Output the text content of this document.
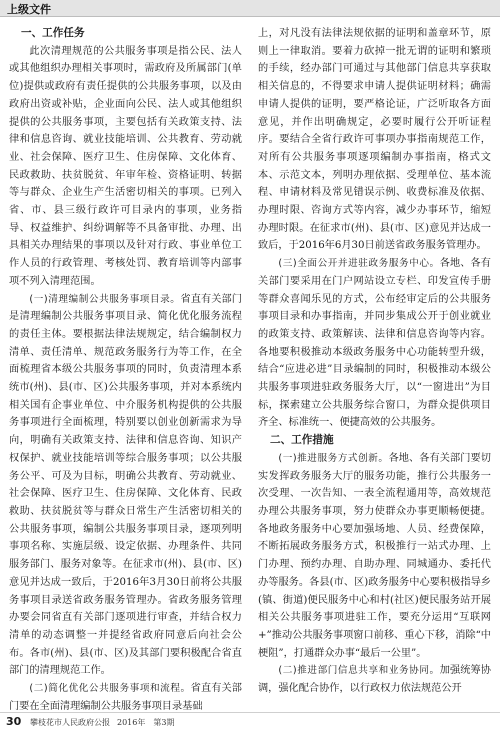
上级文件
一、工作任务

此次清理规范的公共服务事项是指公民、法人或其他组织办理相关事项时，需政府及所属部门(单位)提供或政府有责任提供的公共服务事项，以及由政府出资或补贴，企业面向公民、法人或其他组织提供的公共服务事项，主要包括有关政策支持、法律和信息咨询、就业技能培训、公共教育、劳动就业、社会保障、医疗卫生、住房保障、文化体育、民政救助、扶贫脱贫、年审年检、资格证明、转据等与群众、企业生产生活密切相关的事项。已列入省、市、县三级行政许可目录内的事项，业务指导、权益维护、纠纷调解等不具备审批、办理、出具相关办理结果的事项以及针对行政、事业单位工作人员的行政管理、考核处罚、教育培训等内部事项不列入清理范围。

(一)清理编制公共服务事项目录。省直有关部门是清理编制公共服务事项目录、简化优化服务流程的责任主体。要根据法律法规规定，结合编制权力清单、责任清单、规范政务服务行为等工作，在全面梳理省本级公共服务事项的同时，负责清理本系统市(州)、县(市、区)公共服务事项，并对本系统内相关国有企事业单位、中介服务机构提供的公共服务事项进行全面梳理，特别要以创业创新需求为导向，明确有关政策支持、法律和信息咨询、知识产权保护、就业技能培训等综合服务事项；以公共服务公平、可及为目标，明确公共教育、劳动就业、社会保障、医疗卫生、住房保障、文化体育、民政救助、扶贫脱贫等与群众日常生产生活密切相关的公共服务事项，编制公共服务事项目录，逐项列明事项名称、实施层级、设定依据、办理条件、共同服务部门、服务对象等。在征求市(州)、县(市、区)意见并达成一致后，于2016年3月30日前将公共服务事项目录送省政务服务管理办。省政务服务管理办要会同省直有关部门逐项进行审查，并结合权力清单的动态调整一并提经省政府同意后向社会公布。各市(州)、县(市、区)及其部门要积极配合省直部门的清理规范工作。

(二)简化优化公共服务事项和流程。省直有关部门要在全面清理编制公共服务事项目录基础

上，对凡没有法律法规依据的证明和盖章环节，原则上一律取消。要着力砍掉一批无谓的证明和繁琐的手续，经办部门可通过与其他部门信息共享获取相关信息的，不得要求申请人提供证明材料；确需申请人提供的证明，要严格论证，广泛听取各方面意见，并作出明确规定，必要时履行公开听证程序。要结合全省行政许可事项办事指南规范工作，对所有公共服务事项逐项编制办事指南，格式文本、示范文本，列明办理依据、受理单位、基本流程、申请材料及常见错误示例、收费标准及依据、办理时限、咨询方式等内容，减少办事环节，缩短办理时限。在征求市(州)、县(市、区)意见并达成一致后，于2016年6月30日前送省政务服务管理办。

(三)全面公开并进驻政务服务中心。各地、各有关部门要采用在门户网站设立专栏、印发宣传手册等群众喜闻乐见的方式，公布经审定后的公共服务事项目录和办事指南，并同步集成公开于创业就业的政策支持、政策解读、法律和信息咨询等内容。各地要积极推动本级政务服务中心功能转型升级，结合“应进必进”目录编制的同时，积极推动本级公共服务事项进驻政务服务大厅，以“一窗进出”为目标，探索建立公共服务综合窗口，为群众提供项目齐全、标准统一、便捷高效的公共服务。

二、工作措施

(一)推进服务方式创新。各地、各有关部门要切实发挥政务服务大厅的服务功能，推行公共服务一次受理、一次告知、一表全流程通用等，高效规范办理公共服务事项，努力使群众办事更顺畅便捷。各地政务服务中心要加强场地、人员、经费保障，不断拓展政务服务方式，积极推行一站式办理、上门办理、预约办理、自助办理、同城通办、委托代办等服务。各县(市、区)政务服务中心要积极指导乡(镇、街道)便民服务中心和村(社区)便民服务站开展相关公共服务事项进驻工作，要充分运用“互联网+”推动公共服务事项窗口前移、重心下移，消除“中梗阻”，打通群众办事“最后一公里”。

(二)推进部门信息共享和业务协同。加强统筹协调，强化配合协作，以行政权力依法规范公开

30 攀枝花市人民政府公报 2016年　第3期
